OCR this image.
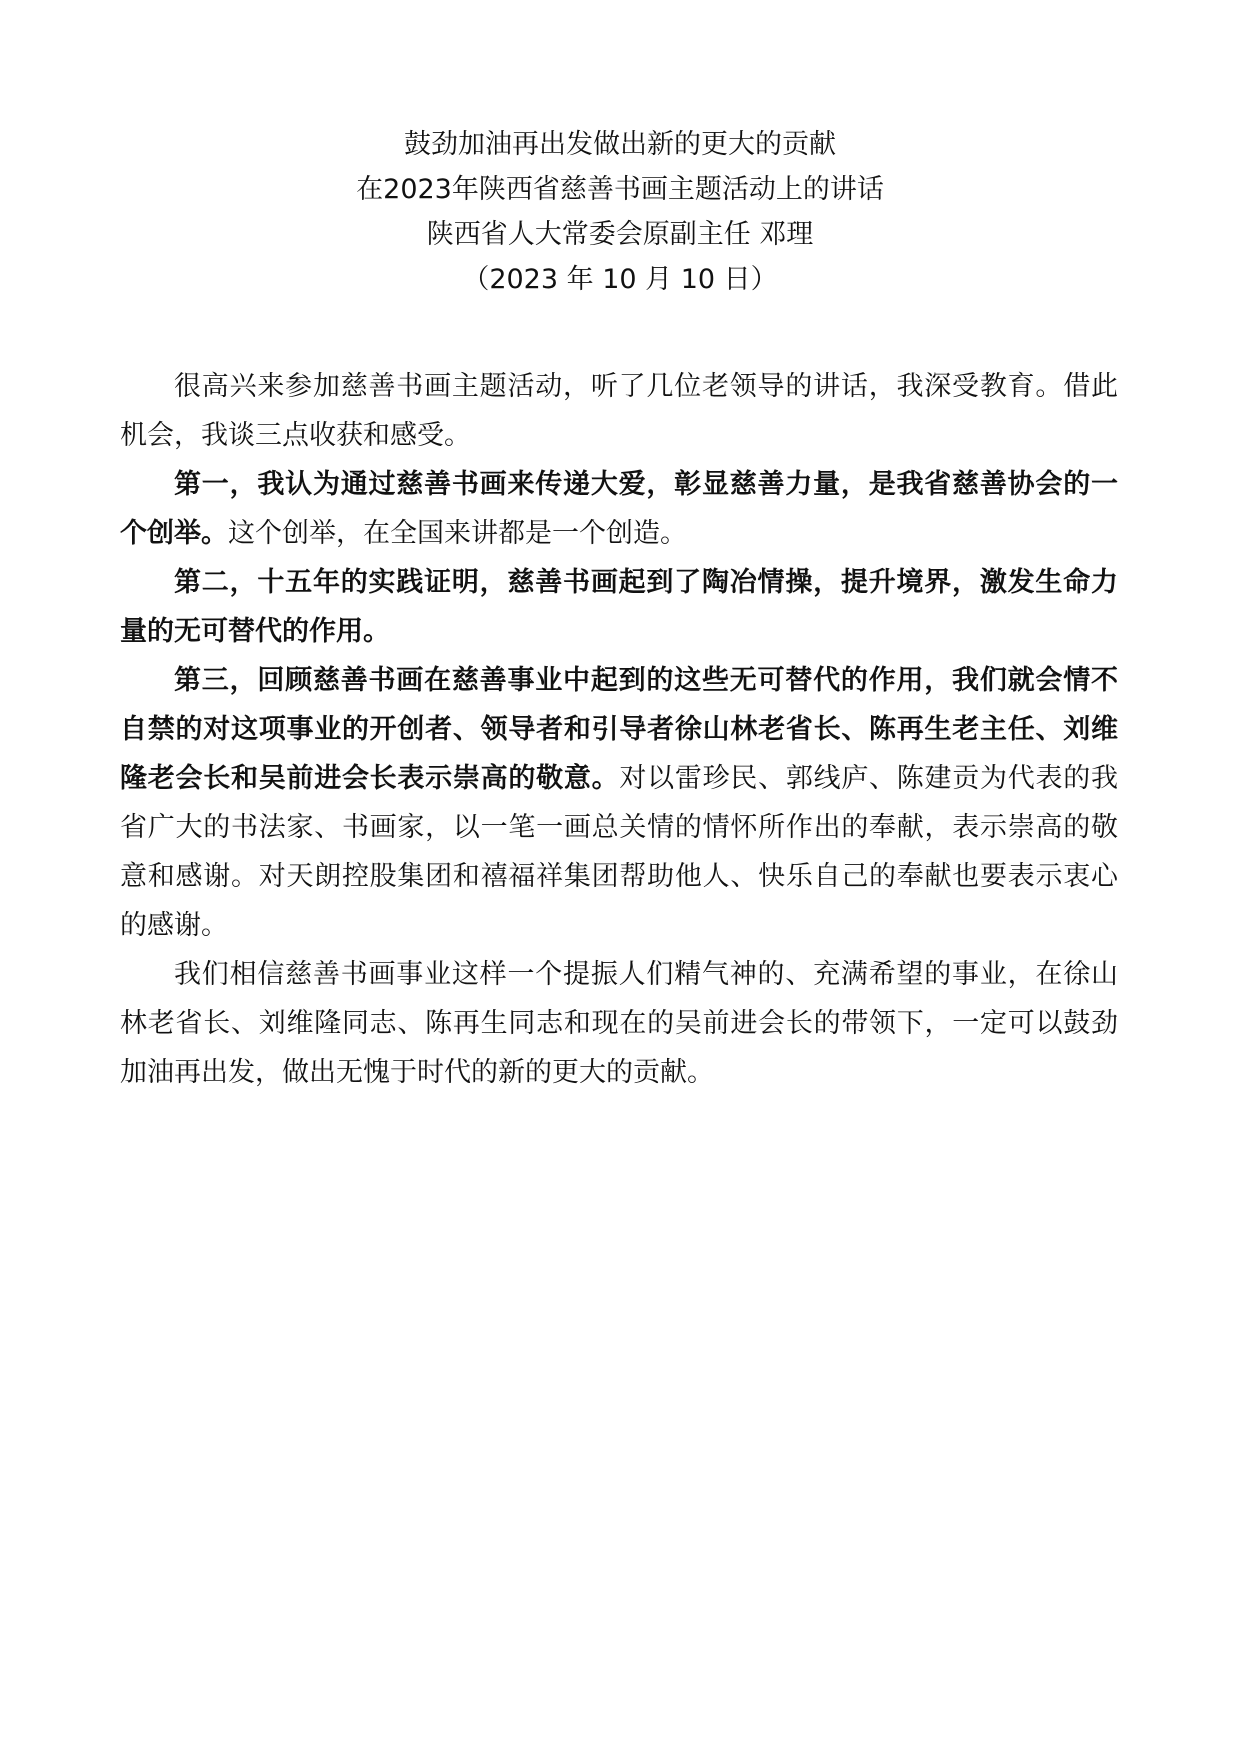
鼓劲加油再出发做出新的更大的贡献
在2023年陕西省慈善书画主题活动上的讲话
陕西省人大常委会原副主任 邓理
（2023 年 10 月 10 日）

很高兴来参加慈善书画主题活动，听了几位老领导的讲话，我深受教育。借此机会，我谈三点收获和感受。

第一，我认为通过慈善书画来传递大爱，彰显慈善力量，是我省慈善协会的一个创举。这个创举，在全国来讲都是一个创造。

第二，十五年的实践证明，慈善书画起到了陶冶情操，提升境界，激发生命力量的无可替代的作用。

第三，回顾慈善书画在慈善事业中起到的这些无可替代的作用，我们就会情不自禁的对这项事业的开创者、领导者和引导者徐山林老省长、陈再生老主任、刘维隆老会长和吴前进会长表示崇高的敬意。对以雷珍民、郭线庐、陈建贡为代表的我省广大的书法家、书画家，以一笔一画总关情的情怀所作出的奉献，表示崇高的敬意和感谢。对天朗控股集团和禧福祥集团帮助他人、快乐自己的奉献也要表示衷心的感谢。

我们相信慈善书画事业这样一个提振人们精气神的、充满希望的事业，在徐山林老省长、刘维隆同志、陈再生同志和现在的吴前进会长的带领下，一定可以鼓劲加油再出发，做出无愧于时代的新的更大的贡献。
